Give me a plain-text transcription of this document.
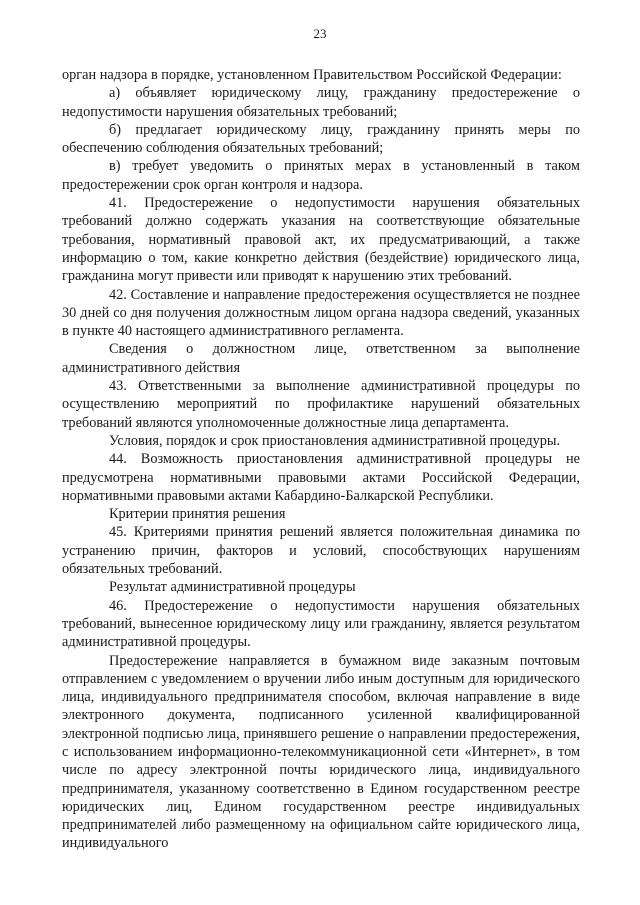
23

орган надзора в порядке, установленном Правительством Российской Федерации:

а) объявляет юридическому лицу, гражданину предостережение о недопустимости нарушения обязательных требований;

б) предлагает юридическому лицу, гражданину принять меры по обеспечению соблюдения обязательных требований;

в) требует уведомить о принятых мерах в установленный в таком предостережении срок орган контроля и надзора.

41. Предостережение о недопустимости нарушения обязательных требований должно содержать указания на соответствующие обязательные требования, нормативный правовой акт, их предусматривающий, а также информацию о том, какие конкретно действия (бездействие) юридического лица, гражданина могут привести или приводят к нарушению этих требований.

42. Составление и направление предостережения осуществляется не позднее 30 дней со дня получения должностным лицом органа надзора сведений, указанных в пункте 40 настоящего административного регламента.

Сведения о должностном лице, ответственном за выполнение административного действия

43. Ответственными за выполнение административной процедуры по осуществлению мероприятий по профилактике нарушений обязательных требований являются уполномоченные должностные лица департамента.

Условия, порядок и срок приостановления административной процедуры.

44. Возможность приостановления административной процедуры не предусмотрена нормативными правовыми актами Российской Федерации, нормативными правовыми актами Кабардино-Балкарской Республики.

Критерии принятия решения

45. Критериями принятия решений является положительная динамика по устранению причин, факторов и условий, способствующих нарушениям обязательных требований.

Результат административной процедуры

46. Предостережение о недопустимости нарушения обязательных требований, вынесенное юридическому лицу или гражданину, является результатом административной процедуры.

Предостережение направляется в бумажном виде заказным почтовым отправлением с уведомлением о вручении либо иным доступным для юридического лица, индивидуального предпринимателя способом, включая направление в виде электронного документа, подписанного усиленной квалифицированной электронной подписью лица, принявшего решение о направлении предостережения, с использованием информационно-телекоммуникационной сети «Интернет», в том числе по адресу электронной почты юридического лица, индивидуального предпринимателя, указанному соответственно в Едином государственном реестре юридических лиц, Едином государственном реестре индивидуальных предпринимателей либо размещенному на официальном сайте юридического лица, индивидуального
